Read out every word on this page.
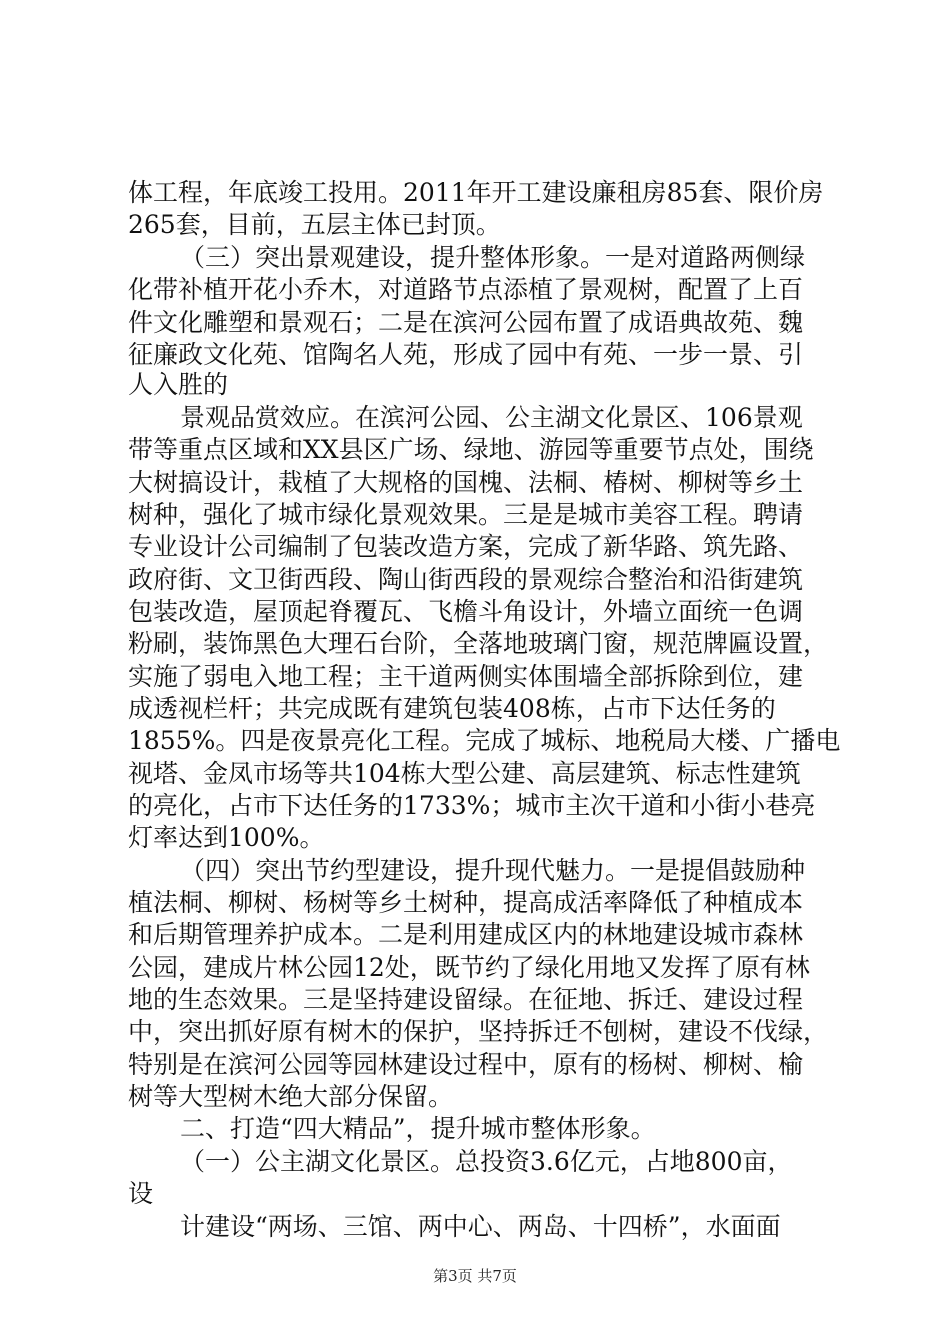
体工程，年底竣工投用。2011年开工建设廉租房85套、限价房
265套，目前，五层主体已封顶。
（三）突出景观建设，提升整体形象。一是对道路两侧绿
化带补植开花小乔木，对道路节点添植了景观树，配置了上百
件文化雕塑和景观石；二是在滨河公园布置了成语典故苑、魏
征廉政文化苑、馆陶名人苑，形成了园中有苑、一步一景、引
人入胜的
景观品赏效应。在滨河公园、公主湖文化景区、106景观
带等重点区域和XX县区广场、绿地、游园等重要节点处，围绕
大树搞设计，栽植了大规格的国槐、法桐、椿树、柳树等乡土
树种，强化了城市绿化景观效果。三是是城市美容工程。聘请
专业设计公司编制了包装改造方案，完成了新华路、筑先路、
政府街、文卫街西段、陶山街西段的景观综合整治和沿街建筑
包装改造，屋顶起脊覆瓦、飞檐斗角设计，外墙立面统一色调
粉刷，装饰黑色大理石台阶，全落地玻璃门窗，规范牌匾设置，
实施了弱电入地工程；主干道两侧实体围墙全部拆除到位，建
成透视栏杆；共完成既有建筑包装408栋，占市下达任务的
1855%。四是夜景亮化工程。完成了城标、地税局大楼、广播电
视塔、金凤市场等共104栋大型公建、高层建筑、标志性建筑
的亮化，占市下达任务的1733%；城市主次干道和小街小巷亮
灯率达到100%。
（四）突出节约型建设，提升现代魅力。一是提倡鼓励种
植法桐、柳树、杨树等乡土树种，提高成活率降低了种植成本
和后期管理养护成本。二是利用建成区内的林地建设城市森林
公园，建成片林公园12处，既节约了绿化用地又发挥了原有林
地的生态效果。三是坚持建设留绿。在征地、拆迁、建设过程
中，突出抓好原有树木的保护，坚持拆迁不刨树，建设不伐绿，
特别是在滨河公园等园林建设过程中，原有的杨树、柳树、榆
树等大型树木绝大部分保留。
二、打造“四大精品”，提升城市整体形象。
（一）公主湖文化景区。总投资3.6亿元，占地800亩，
设
计建设“两场、三馆、两中心、两岛、十四桥”，水面面
第3页 共7页
